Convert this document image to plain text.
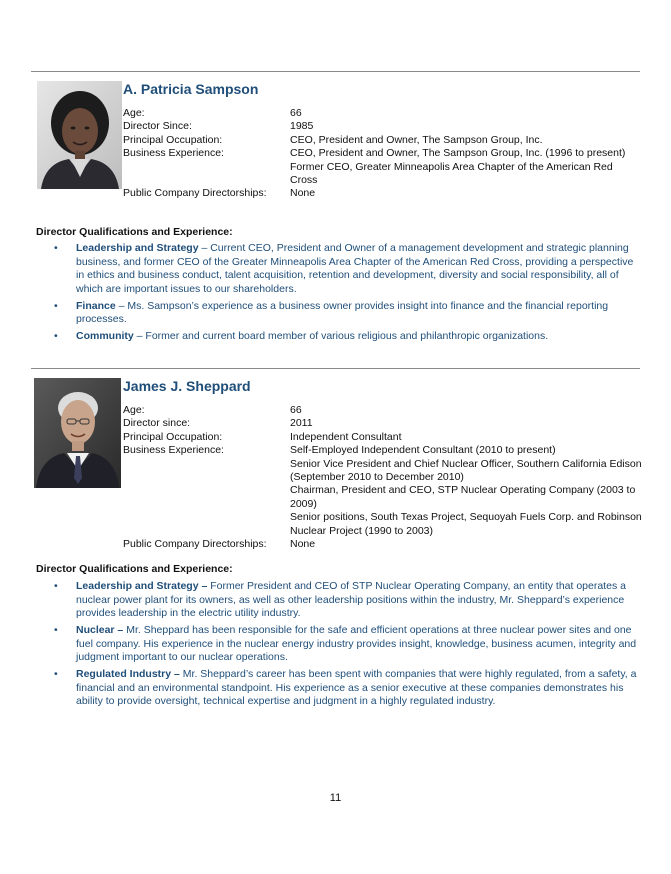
A. Patricia Sampson
Age:	66
Director Since:	1985
Principal Occupation:	CEO, President and Owner, The Sampson Group, Inc.
Business Experience:	CEO, President and Owner, The Sampson Group, Inc. (1996 to present)
Former CEO, Greater Minneapolis Area Chapter of the American Red Cross
Public Company Directorships:	None
Director Qualifications and Experience:
• Leadership and Strategy – Current CEO, President and Owner of a management development and strategic planning business, and former CEO of the Greater Minneapolis Area Chapter of the American Red Cross, providing a perspective in ethics and business conduct, talent acquisition, retention and development, diversity and social responsibility, all of which are important issues to our shareholders.
• Finance – Ms. Sampson’s experience as a business owner provides insight into finance and the financial reporting processes.
• Community – Former and current board member of various religious and philanthropic organizations.
James J. Sheppard
Age:	66
Director since:	2011
Principal Occupation:	Independent Consultant
Business Experience:	Self-Employed Independent Consultant (2010 to present)
Senior Vice President and Chief Nuclear Officer, Southern California Edison (September 2010 to December 2010)
Chairman, President and CEO, STP Nuclear Operating Company (2003 to 2009)
Senior positions, South Texas Project, Sequoyah Fuels Corp. and Robinson Nuclear Project (1990 to 2003)
Public Company Directorships:	None
Director Qualifications and Experience:
• Leadership and Strategy – Former President and CEO of STP Nuclear Operating Company, an entity that operates a nuclear power plant for its owners, as well as other leadership positions within the industry, Mr. Sheppard’s experience provides leadership in the electric utility industry.
• Nuclear – Mr. Sheppard has been responsible for the safe and efficient operations at three nuclear power sites and one fuel company. His experience in the nuclear energy industry provides insight, knowledge, business acumen, integrity and judgment important to our nuclear operations.
• Regulated Industry – Mr. Sheppard’s career has been spent with companies that were highly regulated, from a safety, a financial and an environmental standpoint. His experience as a senior executive at these companies demonstrates his ability to provide oversight, technical expertise and judgment in a highly regulated industry.
11
